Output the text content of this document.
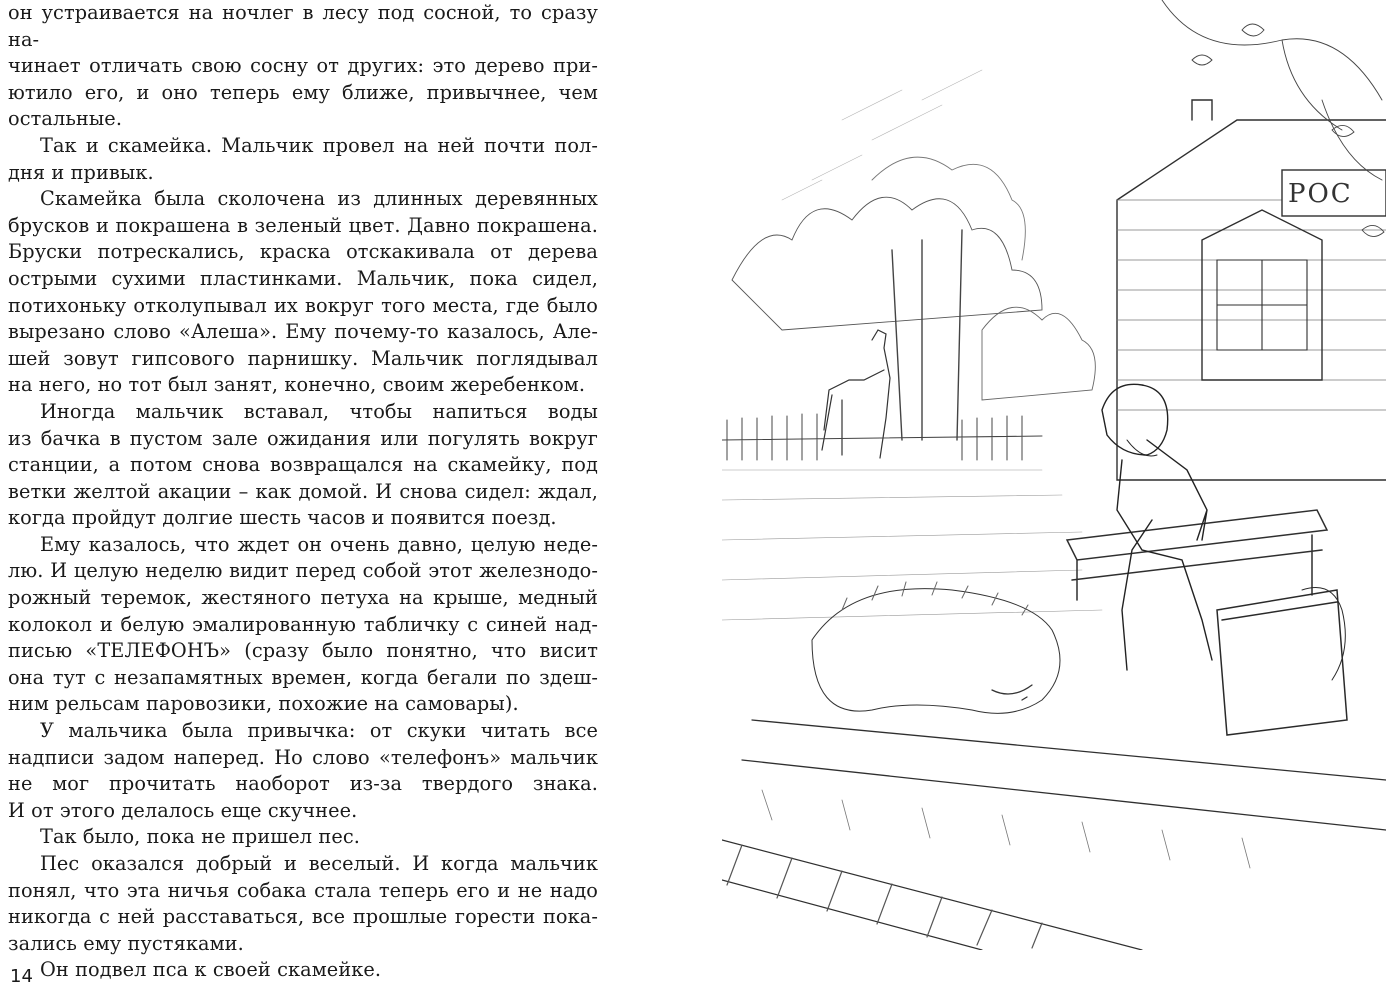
он устраивается на ночлег в лесу под сосной, то сразу на-

чинает отличать свою сосну от других: это дерево при-

ютило его, и оно теперь ему ближе, привычнее, чем

остальные.

Так и скамейка. Мальчик провел на ней почти пол-

дня и привык.

Скамейка была сколочена из длинных деревянных

брусков и покрашена в зеленый цвет. Давно покрашена.

Бруски потрескались, краска отскакивала от дерева

острыми сухими пластинками. Мальчик, пока сидел,

потихоньку отколупывал их вокруг того места, где было

вырезано слово «Алеша». Ему почему-то казалось, Але-

шей зовут гипсового парнишку. Мальчик поглядывал

на него, но тот был занят, конечно, своим жеребенком.

Иногда мальчик вставал, чтобы напиться воды

из бачка в пустом зале ожидания или погулять вокруг

станции, а потом снова возвращался на скамейку, под

ветки желтой акации – как домой. И снова сидел: ждал,

когда пройдут долгие шесть часов и появится поезд.

Ему казалось, что ждет он очень давно, целую неде-

лю. И целую неделю видит перед собой этот железнодо-

рожный теремок, жестяного петуха на крыше, медный

колокол и белую эмалированную табличку с синей над-

писью «ТЕЛЕФОНЪ» (сразу было понятно, что висит

она тут с незапамятных времен, когда бегали по здеш-

ним рельсам паровозики, похожие на самовары).

У мальчика была привычка: от скуки читать все

надписи задом наперед. Но слово «телефонъ» мальчик

не мог прочитать наоборот из-за твердого знака.

И от этого делалось еще скучнее.

Так было, пока не пришел пес.

Пес оказался добрый и веселый. И когда мальчик

понял, что эта ничья собака стала теперь его и не надо

никогда с ней расставаться, все прошлые горести пока-

зались ему пустяками.

Он подвел пса к своей скамейке.

14
РОС
